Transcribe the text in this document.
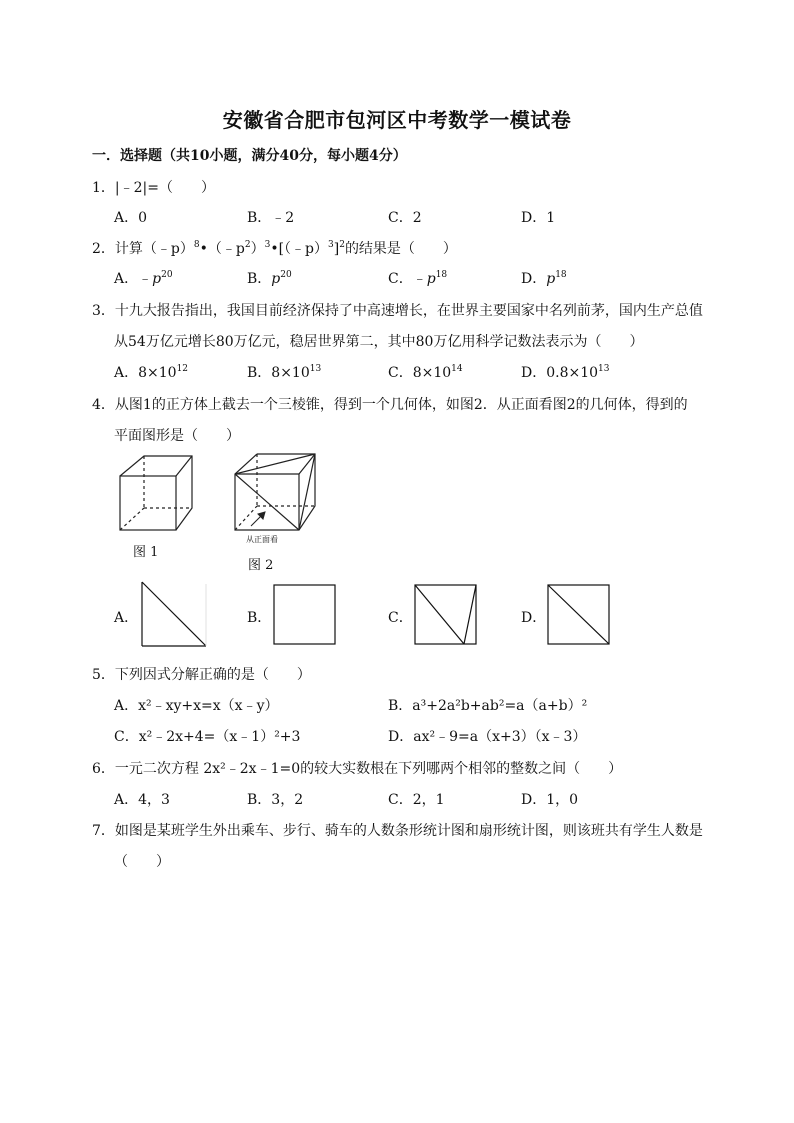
安徽省合肥市包河区中考数学一模试卷
一．选择题（共10小题，满分40分，每小题4分）
1．|﹣2|=（　　）
A．0	B．﹣2	C．2	D．1
2．计算$(﹣p)^8•(﹣p^2)^3•[(﹣p)^3]^2$的结果是（　　）
A．$﹣p^{20}$	B．$p^{20}$	C．$﹣p^{18}$	D．$p^{18}$
3．十九大报告指出，我国目前经济保持了中高速增长，在世界主要国家中名列前茅，国内生产总值
从54万亿元增长80万亿元，稳居世界第二，其中80万亿用科学记数法表示为（　　）
A．$8\times 10^{12}$	B．$8\times 10^{13}$	C．$8\times 10^{14}$	D．$0.8\times 10^{13}$
4．从图1的正方体上截去一个三棱锥，得到一个几何体，如图2．从正面看图2的几何体，得到的
平面图形是（　　）
图 1
从正面看
图 2
A．	B．	C．	D．
5．下列因式分解正确的是（　　）
A．x²﹣xy+x=x（x﹣y）	B．a³+2a²b+ab²=a（a+b）²
C．x²﹣2x+4=（x﹣1）²+3	D．ax²﹣9=a（x+3）（x﹣3）
6．一元二次方程 2x²﹣2x﹣1=0的较大实数根在下列哪两个相邻的整数之间（　　）
A．4，3	B．3，2	C．2，1	D．1，0
7．如图是某班学生外出乘车、步行、骑车的人数条形统计图和扇形统计图，则该班共有学生人数是
（　　）
